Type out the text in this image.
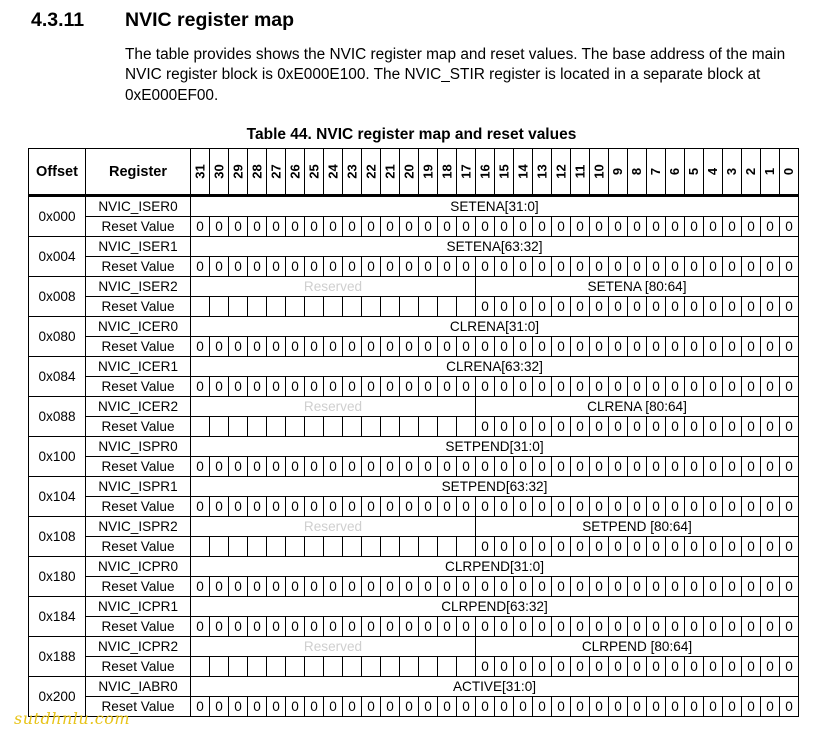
4.3.11 NVIC register map
The table provides shows the NVIC register map and reset values. The base address of the main NVIC register block is 0xE000E100. The NVIC_STIR register is located in a separate block at 0xE000EF00.
Table 44. NVIC register map and reset values
Offset	Register	31	30	29	28	27	26	25	24	23	22	21	20	19	18	17	16	15	14	13	12	11	10	9	8	7	6	5	4	3	2	1	0
0x000	NVIC_ISER0	SETENA[31:0]																															
	Reset Value	0	0	0	0	0	0	0	0	0	0	0	0	0	0	0	0	0	0	0	0	0	0	0	0	0	0	0	0	0	0	0	0
0x004	NVIC_ISER1	SETENA[63:32]																															
	Reset Value	0	0	0	0	0	0	0	0	0	0	0	0	0	0	0	0	0	0	0	0	0	0	0	0	0	0	0	0	0	0	0	0
0x008	NVIC_ISER2	Reserved															SETENA [80:64]																
	Reset Value																0	0	0	0	0	0	0	0	0	0	0	0	0	0	0	0	0
0x080	NVIC_ICER0	CLRENA[31:0]																															
	Reset Value	0	0	0	0	0	0	0	0	0	0	0	0	0	0	0	0	0	0	0	0	0	0	0	0	0	0	0	0	0	0	0	0
0x084	NVIC_ICER1	CLRENA[63:32]																															
	Reset Value	0	0	0	0	0	0	0	0	0	0	0	0	0	0	0	0	0	0	0	0	0	0	0	0	0	0	0	0	0	0	0	0
0x088	NVIC_ICER2	Reserved															CLRENA [80:64]																
	Reset Value																0	0	0	0	0	0	0	0	0	0	0	0	0	0	0	0	0
0x100	NVIC_ISPR0	SETPEND[31:0]																															
	Reset Value	0	0	0	0	0	0	0	0	0	0	0	0	0	0	0	0	0	0	0	0	0	0	0	0	0	0	0	0	0	0	0	0
0x104	NVIC_ISPR1	SETPEND[63:32]																															
	Reset Value	0	0	0	0	0	0	0	0	0	0	0	0	0	0	0	0	0	0	0	0	0	0	0	0	0	0	0	0	0	0	0	0
0x108	NVIC_ISPR2	Reserved															SETPEND [80:64]																
	Reset Value																0	0	0	0	0	0	0	0	0	0	0	0	0	0	0	0	0
0x180	NVIC_ICPR0	CLRPEND[31:0]																															
	Reset Value	0	0	0	0	0	0	0	0	0	0	0	0	0	0	0	0	0	0	0	0	0	0	0	0	0	0	0	0	0	0	0	0
0x184	NVIC_ICPR1	CLRPEND[63:32]																															
	Reset Value	0	0	0	0	0	0	0	0	0	0	0	0	0	0	0	0	0	0	0	0	0	0	0	0	0	0	0	0	0	0	0	0
0x188	NVIC_ICPR2	Reserved															CLRPEND [80:64]																
	Reset Value																0	0	0	0	0	0	0	0	0	0	0	0	0	0	0	0	0
0x200	NVIC_IABR0	ACTIVE[31:0]																															
	Reset Value	0	0	0	0	0	0	0	0	0	0	0	0	0	0	0	0	0	0	0	0	0	0	0	0	0	0	0	0	0	0	0	0
sutdhnlu.com
